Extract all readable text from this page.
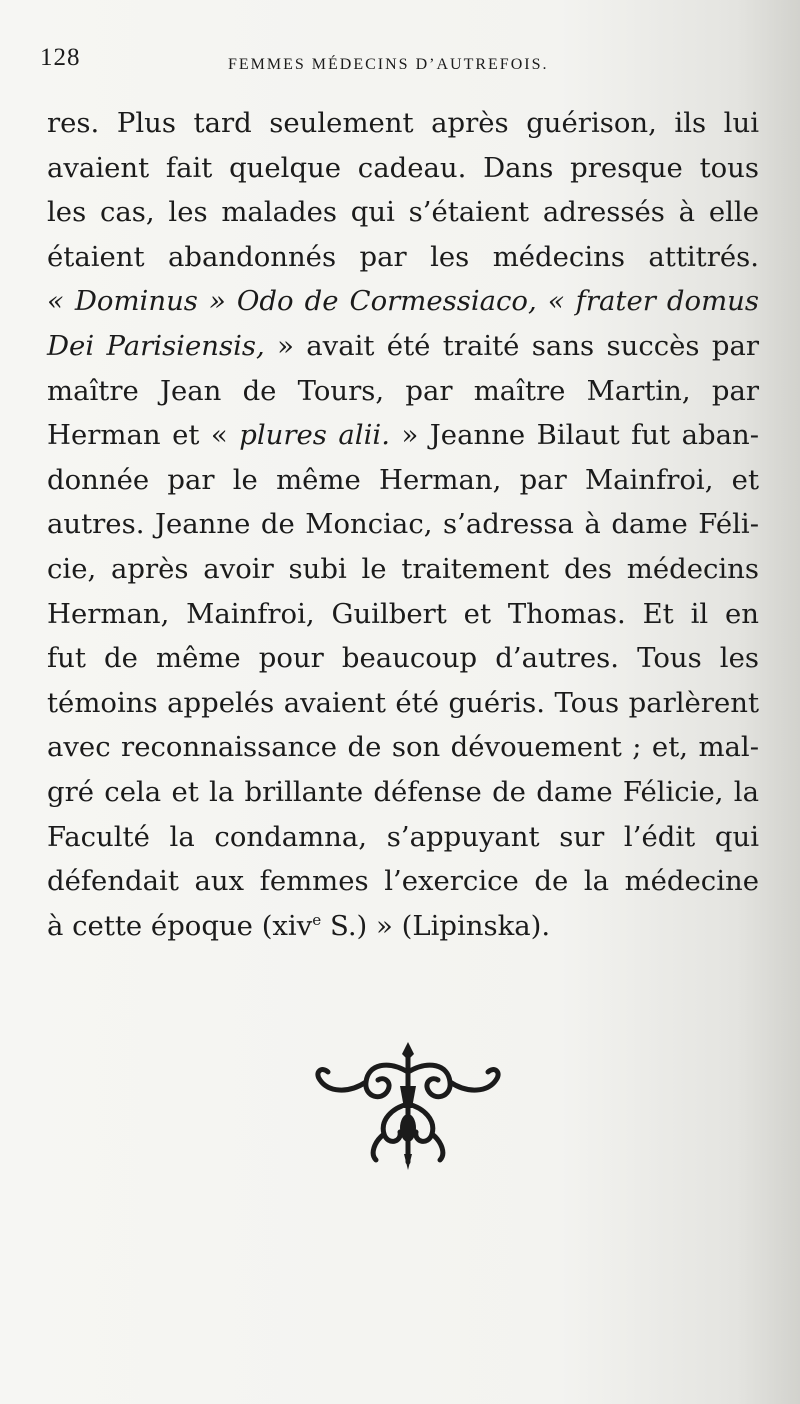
128	FEMMES MÉDECINS D’AUTREFOIS.
res. Plus tard seulement après guérison, ils lui
avaient fait quelque cadeau. Dans presque tous
les cas, les malades qui s’étaient adressés à elle
étaient abandonnés par les médecins attitrés.
« Dominus » Odo de Cormessiaco, « frater domus
Dei Parisiensis, » avait été traité sans succès par
maître Jean de Tours, par maître Martin, par
Herman et « plures alii. » Jeanne Bilaut fut aban-
donnée par le même Herman, par Mainfroi, et
autres. Jeanne de Monciac, s’adressa à dame Féli-
cie, après avoir subi le traitement des médecins
Herman, Mainfroi, Guilbert et Thomas. Et il en
fut de même pour beaucoup d’autres. Tous les
témoins appelés avaient été guéris. Tous parlèrent
avec reconnaissance de son dévouement ; et, mal-
gré cela et la brillante défense de dame Félicie, la
Faculté la condamna, s’appuyant sur l’édit qui
défendait aux femmes l’exercice de la médecine
à cette époque (xiv$^e$ S.) » (Lipinska).
